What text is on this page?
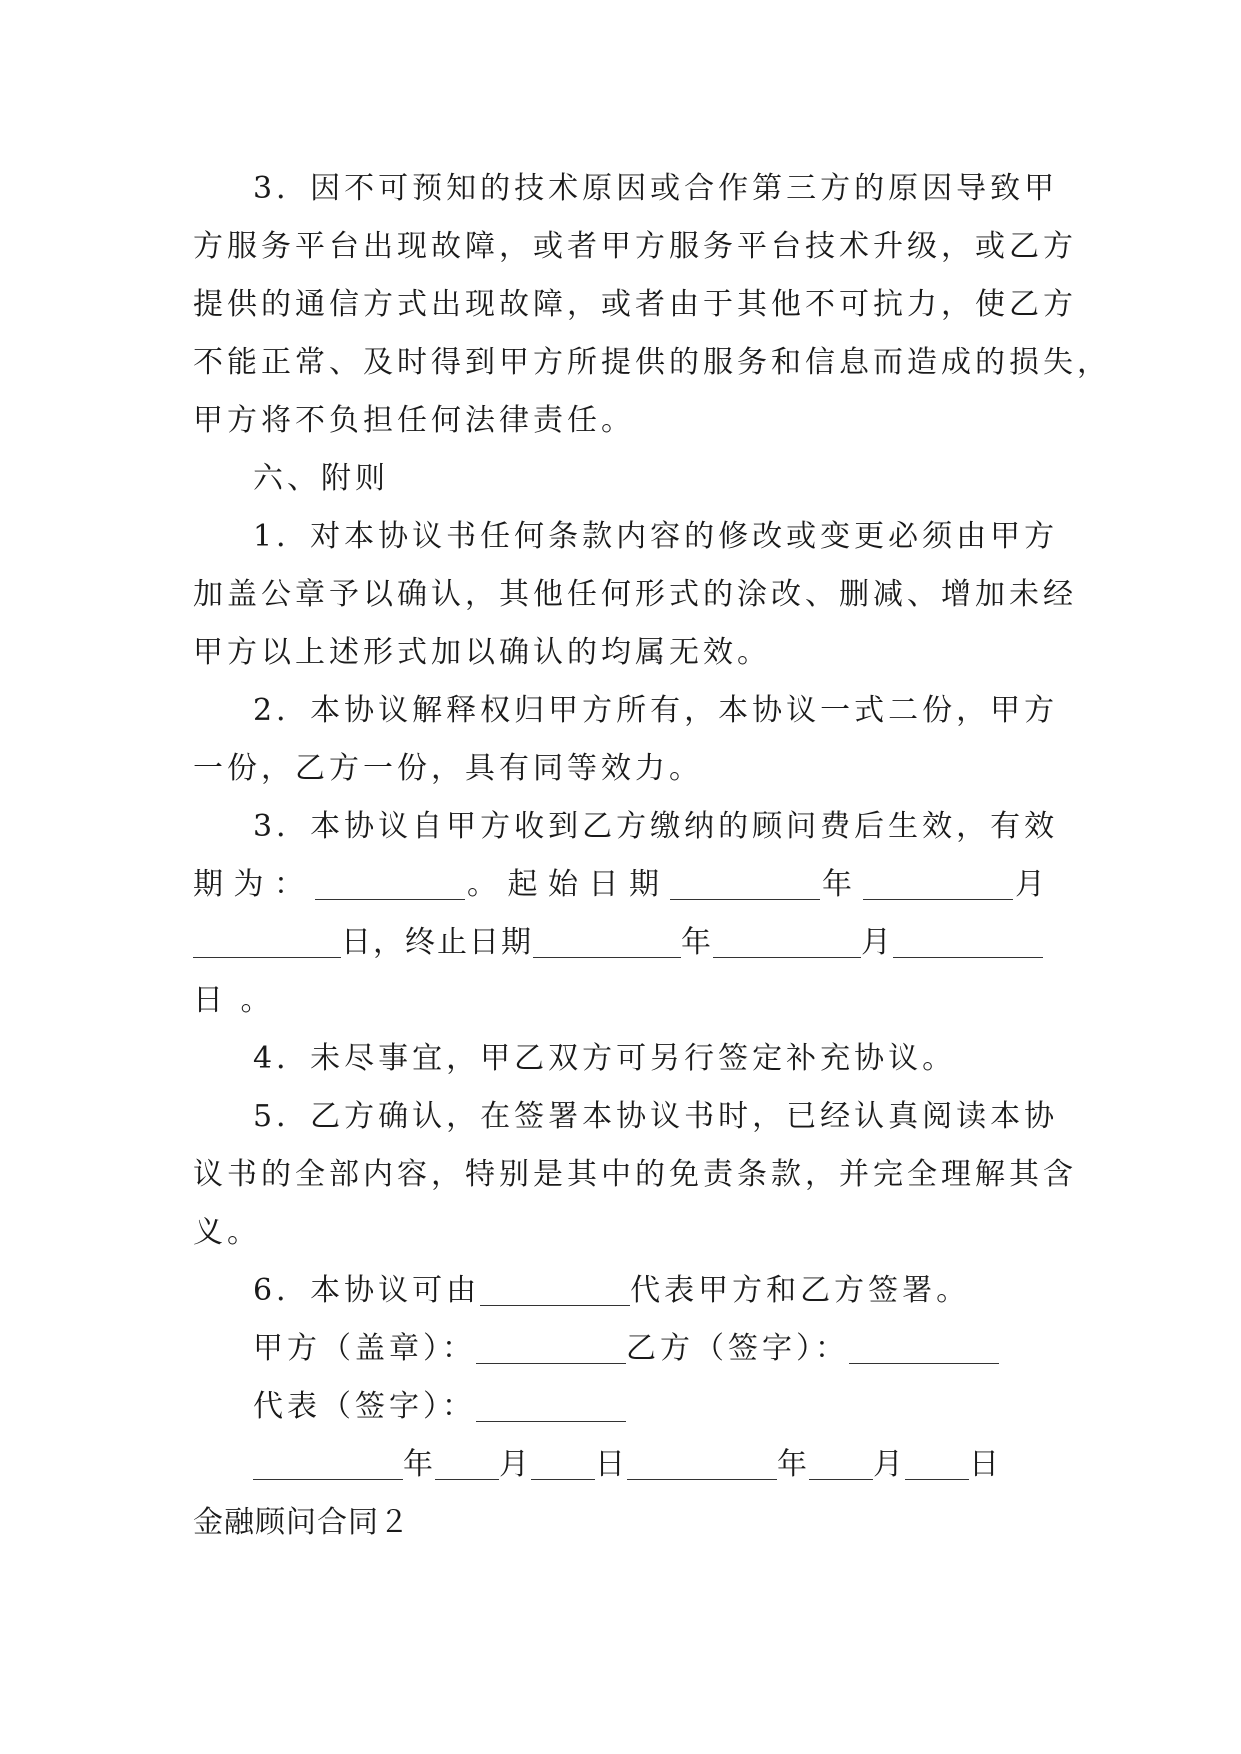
3．因不可预知的技术原因或合作第三方的原因导致甲
方服务平台出现故障，或者甲方服务平台技术升级，或乙方
提供的通信方式出现故障，或者由于其他不可抗力，使乙方
不能正常、及时得到甲方所提供的服务和信息而造成的损失，
甲方将不负担任何法律责任。
六、附则
1．对本协议书任何条款内容的修改或变更必须由甲方
加盖公章予以确认，其他任何形式的涂改、删减、增加未经
甲方以上述形式加以确认的均属无效。
2．本协议解释权归甲方所有，本协议一式二份，甲方
一份，乙方一份，具有同等效力。
3．本协议自甲方收到乙方缴纳的顾问费后生效，有效
期为：	。起始日期	年	月
日，终止日期	年	月
日 。
4．未尽事宜，甲乙双方可另行签定补充协议。
5．乙方确认，在签署本协议书时，已经认真阅读本协
议书的全部内容，特别是其中的免责条款，并完全理解其含
义。
6．本协议可由	代表甲方和乙方签署。
甲方（盖章）：	乙方（签字）：
代表（签字）：
年 月 日	年 月 日
金融顾问合同２
